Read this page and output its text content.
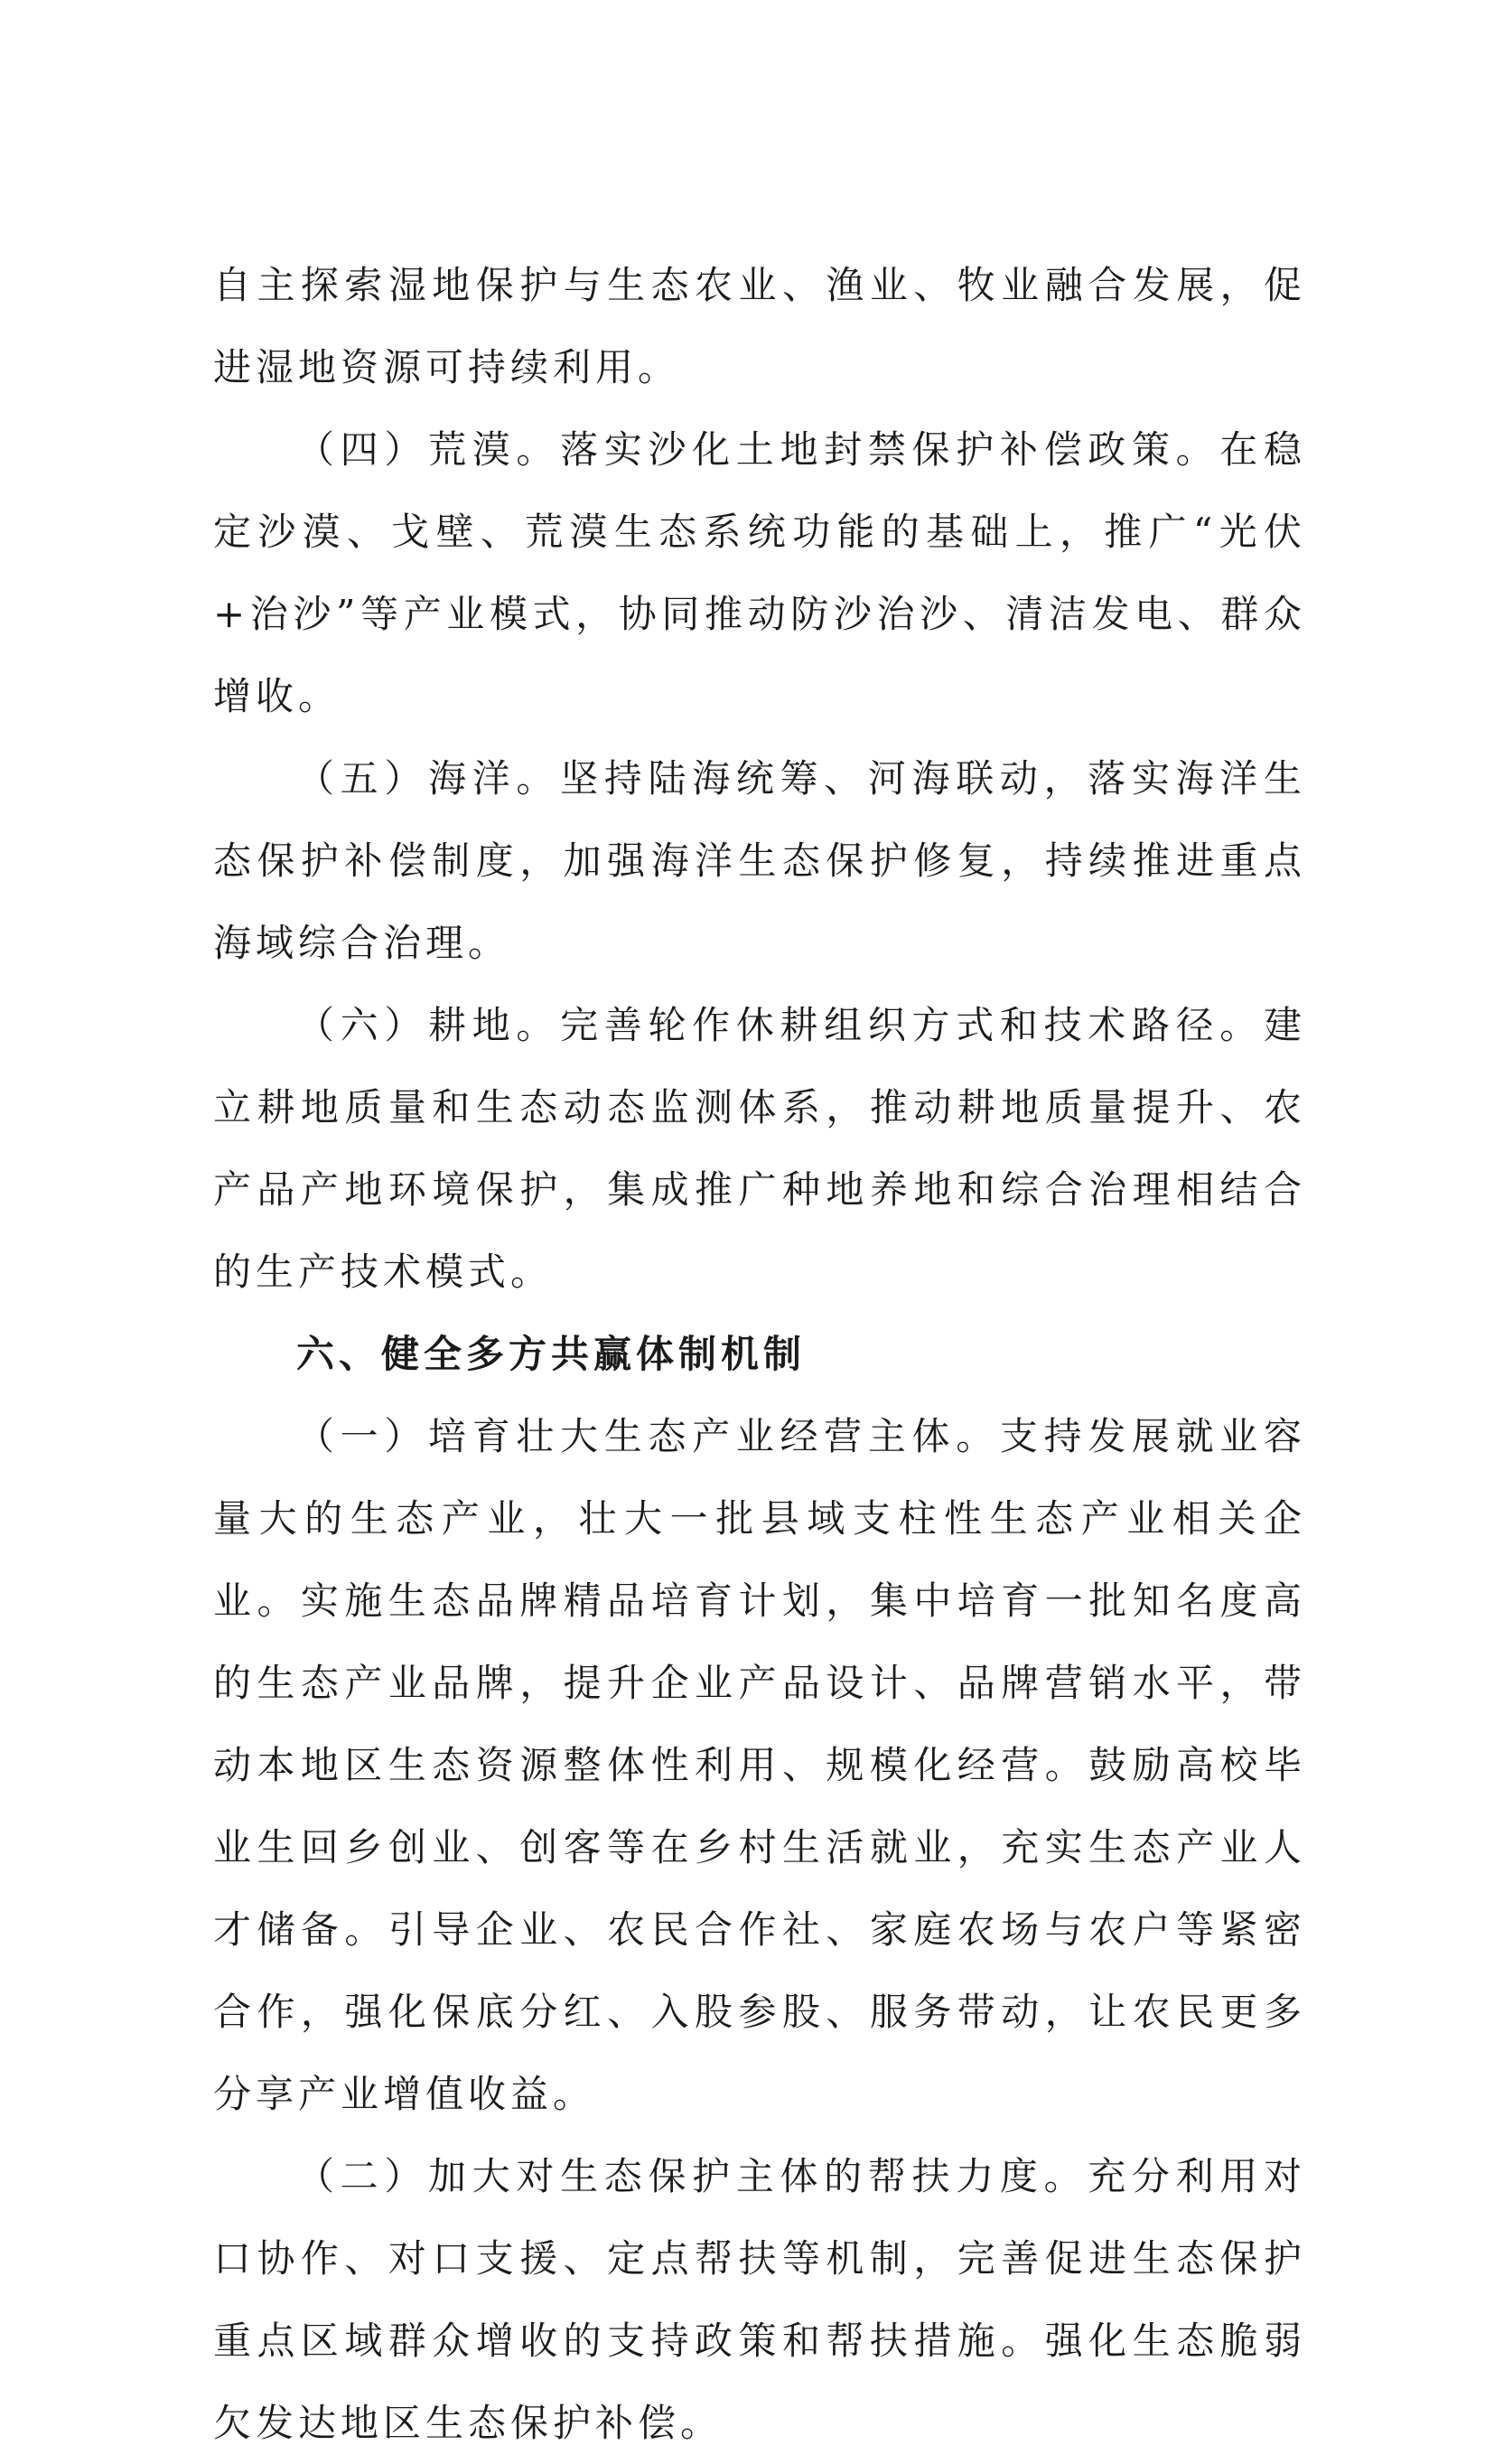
自主探索湿地保护与生态农业、渔业、牧业融合发展，促进湿地资源可持续利用。

（四）荒漠。落实沙化土地封禁保护补偿政策。在稳定沙漠、戈壁、荒漠生态系统功能的基础上，推广“光伏+治沙”等产业模式，协同推动防沙治沙、清洁发电、群众增收。

（五）海洋。坚持陆海统筹、河海联动，落实海洋生态保护补偿制度，加强海洋生态保护修复，持续推进重点海域综合治理。

（六）耕地。完善轮作休耕组织方式和技术路径。建立耕地质量和生态动态监测体系，推动耕地质量提升、农产品产地环境保护，集成推广种地养地和综合治理相结合的生产技术模式。

六、健全多方共赢体制机制

（一）培育壮大生态产业经营主体。支持发展就业容量大的生态产业，壮大一批县域支柱性生态产业相关企业。实施生态品牌精品培育计划，集中培育一批知名度高的生态产业品牌，提升企业产品设计、品牌营销水平，带动本地区生态资源整体性利用、规模化经营。鼓励高校毕业生回乡创业、创客等在乡村生活就业，充实生态产业人才储备。引导企业、农民合作社、家庭农场与农户等紧密合作，强化保底分红、入股参股、服务带动，让农民更多分享产业增值收益。

（二）加大对生态保护主体的帮扶力度。充分利用对口协作、对口支援、定点帮扶等机制，完善促进生态保护重点区域群众增收的支持政策和帮扶措施。强化生态脆弱欠发达地区生态保护补偿。
